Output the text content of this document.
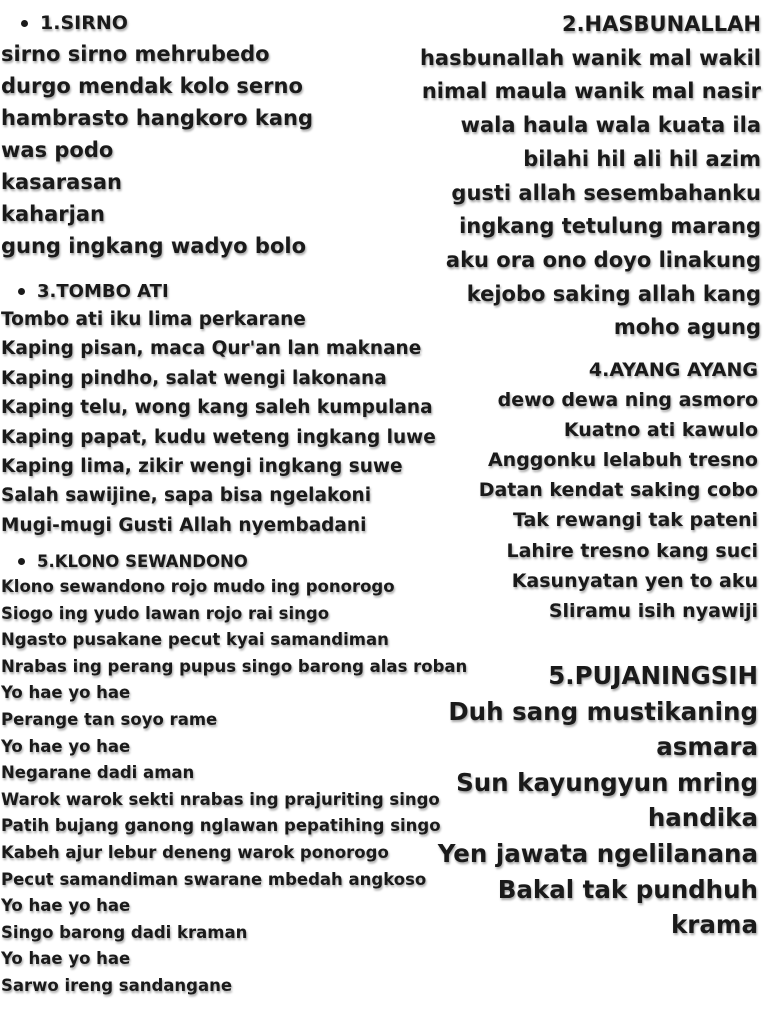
1.SIRNO
sirno sirno mehrubedo
durgo mendak kolo serno
hambrasto hangkoro kang
was podo
kasarasan
kaharjan
gung ingkang wadyo bolo
2.HASBUNALLAH
hasbunallah wanik mal wakil
nimal maula wanik mal nasir
wala haula wala kuata ila
bilahi hil ali hil azim
gusti allah sesembahanku
ingkang tetulung marang
aku ora ono doyo linakung
kejobo saking allah kang
moho agung
3.TOMBO ATI
Tombo ati iku lima perkarane
Kaping pisan, maca Qur'an lan maknane
Kaping pindho, salat wengi lakonana
Kaping telu, wong kang saleh kumpulana
Kaping papat, kudu weteng ingkang luwe
Kaping lima, zikir wengi ingkang suwe
Salah sawijine, sapa bisa ngelakoni
Mugi-mugi Gusti Allah nyembadani
4.AYANG AYANG
dewo dewa ning asmoro
Kuatno ati kawulo
Anggonku lelabuh tresno
Datan kendat saking cobo
Tak rewangi tak pateni
Lahire tresno kang suci
Kasunyatan yen to aku
Sliramu isih nyawiji
5.KLONO SEWANDONO
Klono sewandono rojo mudo ing ponorogo
Siogo ing yudo lawan rojo rai singo
Ngasto pusakane pecut kyai samandiman
Nrabas ing perang pupus singo barong alas roban
Yo hae yo hae
Perange tan soyo rame
Yo hae yo hae
Negarane dadi aman
Warok warok sekti nrabas ing prajuriting singo
Patih bujang ganong nglawan pepatihing singo
Kabeh ajur lebur deneng warok ponorogo
Pecut samandiman swarane mbedah angkoso
Yo hae yo hae
Singo barong dadi kraman
Yo hae yo hae
Sarwo ireng sandangane
5.PUJANINGSIH
Duh sang mustikaning
asmara
Sun kayungyun mring
handika
Yen jawata ngelilanana
Bakal tak pundhuh
krama
